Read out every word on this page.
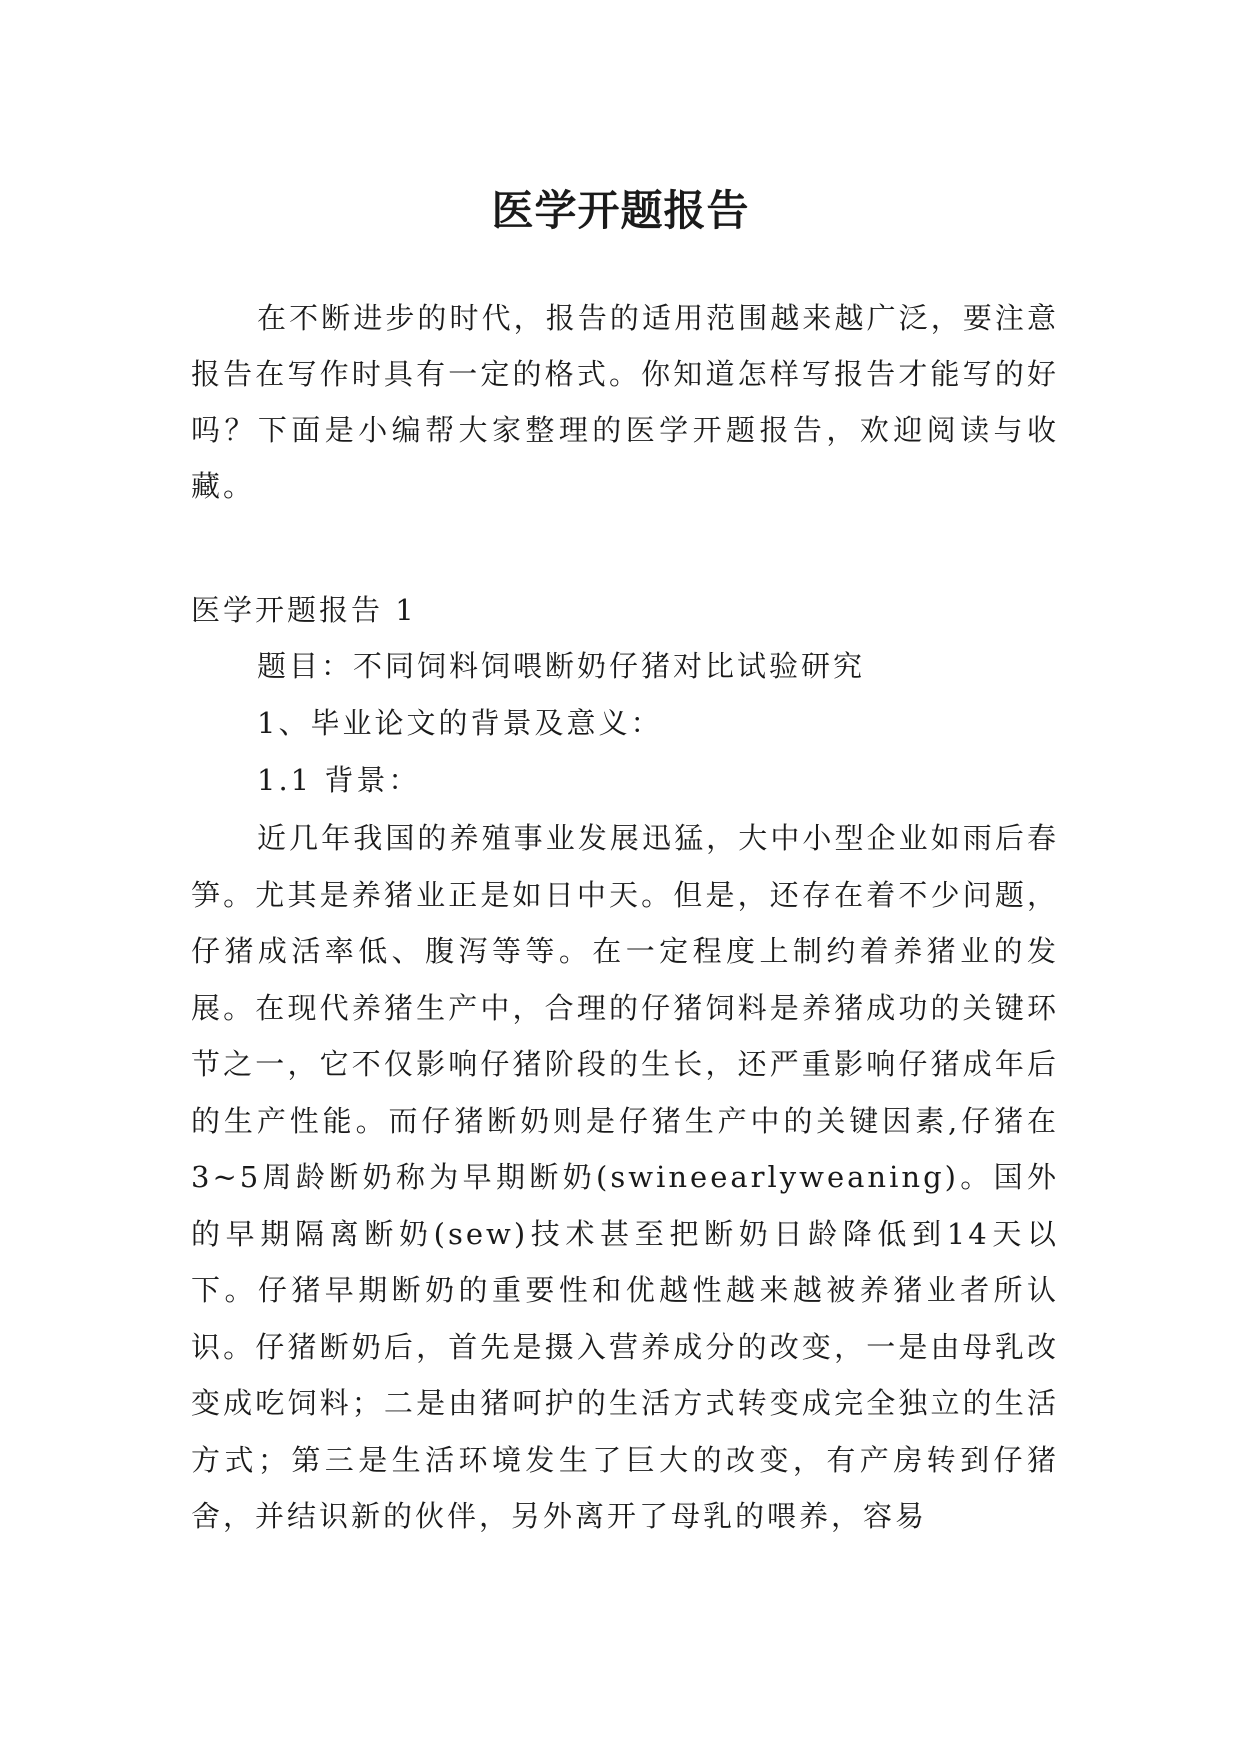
医学开题报告

在不断进步的时代，报告的适用范围越来越广泛，要注意报告在写作时具有一定的格式。你知道怎样写报告才能写的好吗？下面是小编帮大家整理的医学开题报告，欢迎阅读与收藏。

医学开题报告 1

题目：不同饲料饲喂断奶仔猪对比试验研究

1、毕业论文的背景及意义：

1.1 背景：

近几年我国的养殖事业发展迅猛，大中小型企业如雨后春笋。尤其是养猪业正是如日中天。但是，还存在着不少问题，仔猪成活率低、腹泻等等。在一定程度上制约着养猪业的发展。在现代养猪生产中，合理的仔猪饲料是养猪成功的关键环节之一，它不仅影响仔猪阶段的生长，还严重影响仔猪成年后的生产性能。而仔猪断奶则是仔猪生产中的关键因素,仔猪在3~5周龄断奶称为早期断奶(swineearlyweaning)。国外的早期隔离断奶(sew)技术甚至把断奶日龄降低到14天以下。仔猪早期断奶的重要性和优越性越来越被养猪业者所认识。仔猪断奶后，首先是摄入营养成分的改变，一是由母乳改变成吃饲料；二是由猪呵护的生活方式转变成完全独立的生活方式；第三是生活环境发生了巨大的改变，有产房转到仔猪舍，并结识新的伙伴，另外离开了母乳的喂养，容易
